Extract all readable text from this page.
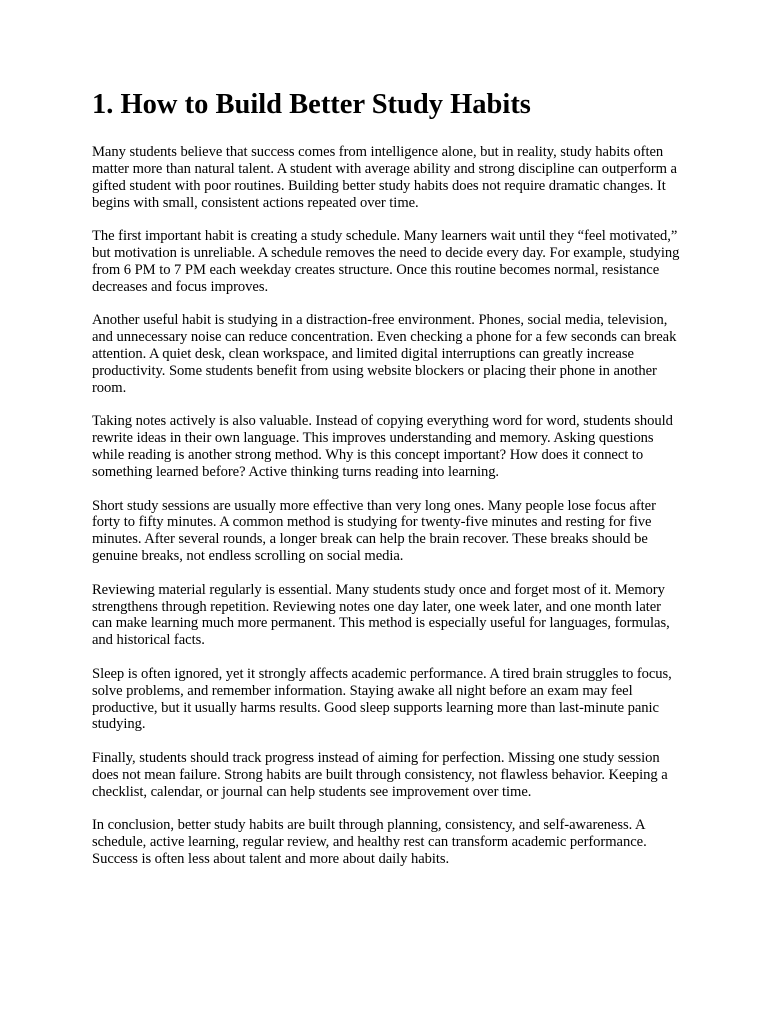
1. How to Build Better Study Habits

Many students believe that success comes from intelligence alone, but in reality, study habits often matter more than natural talent. A student with average ability and strong discipline can outperform a gifted student with poor routines. Building better study habits does not require dramatic changes. It begins with small, consistent actions repeated over time.

The first important habit is creating a study schedule. Many learners wait until they “feel motivated,” but motivation is unreliable. A schedule removes the need to decide every day. For example, studying from 6 PM to 7 PM each weekday creates structure. Once this routine becomes normal, resistance decreases and focus improves.

Another useful habit is studying in a distraction-free environment. Phones, social media, television, and unnecessary noise can reduce concentration. Even checking a phone for a few seconds can break attention. A quiet desk, clean workspace, and limited digital interruptions can greatly increase productivity. Some students benefit from using website blockers or placing their phone in another room.

Taking notes actively is also valuable. Instead of copying everything word for word, students should rewrite ideas in their own language. This improves understanding and memory. Asking questions while reading is another strong method. Why is this concept important? How does it connect to something learned before? Active thinking turns reading into learning.

Short study sessions are usually more effective than very long ones. Many people lose focus after forty to fifty minutes. A common method is studying for twenty-five minutes and resting for five minutes. After several rounds, a longer break can help the brain recover. These breaks should be genuine breaks, not endless scrolling on social media.

Reviewing material regularly is essential. Many students study once and forget most of it. Memory strengthens through repetition. Reviewing notes one day later, one week later, and one month later can make learning much more permanent. This method is especially useful for languages, formulas, and historical facts.

Sleep is often ignored, yet it strongly affects academic performance. A tired brain struggles to focus, solve problems, and remember information. Staying awake all night before an exam may feel productive, but it usually harms results. Good sleep supports learning more than last-minute panic studying.

Finally, students should track progress instead of aiming for perfection. Missing one study session does not mean failure. Strong habits are built through consistency, not flawless behavior. Keeping a checklist, calendar, or journal can help students see improvement over time.

In conclusion, better study habits are built through planning, consistency, and self-awareness. A schedule, active learning, regular review, and healthy rest can transform academic performance. Success is often less about talent and more about daily habits.
